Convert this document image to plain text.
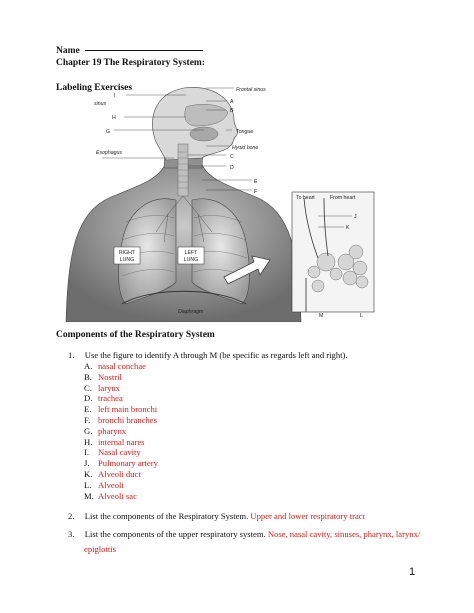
Name
Chapter 19 The Respiratory System:
Labeling Exercises
RIGHT
LUNG
LEFT
LUNG
To heart	From heart
Frontal sinus
sinus
Tongue
Hyoid bone
Esophagus
Diaphragm
I
A
B
H
G
C
D
E
F
J
K
M	L
Components of the Respiratory System
1. Use the figure to identify A through M (be specific as regards left and right).
A. nasal conchae
B. Nostril
C. larynx
D. trachea
E. left main bronchi
F. bronchi branches
G. pharynx
H. internal nares
I. Nasal cavity
J. Pulmonary artery
K. Alveoli duct
L. Alveoli
M. Alveoli sac
2. List the components of the Respiratory System. Upper and lower respiratory tract
3. List the components of the upper respiratory system. Nose, nasal cavity, sinuses, pharynx, larynx/
epiglottis
1
